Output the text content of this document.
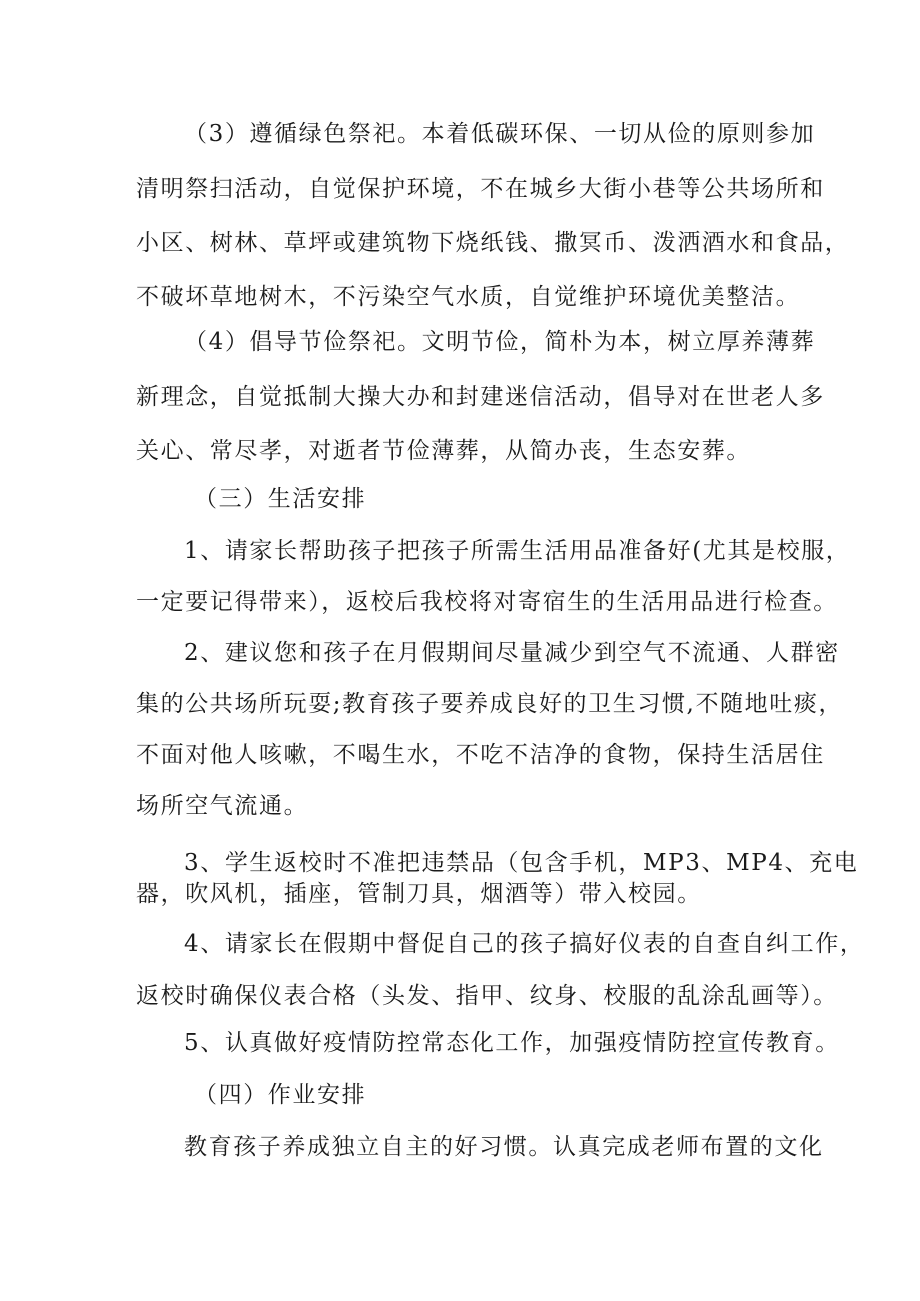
（3）遵循绿色祭祀。本着低碳环保、一切从俭的原则参加
清明祭扫活动，自觉保护环境，不在城乡大街小巷等公共场所和
小区、树林、草坪或建筑物下烧纸钱、撒冥币、泼洒酒水和食品，
不破坏草地树木，不污染空气水质，自觉维护环境优美整洁。
（4）倡导节俭祭祀。文明节俭，简朴为本，树立厚养薄葬
新理念，自觉抵制大操大办和封建迷信活动，倡导对在世老人多
关心、常尽孝，对逝者节俭薄葬，从简办丧，生态安葬。
（三）生活安排
1、请家长帮助孩子把孩子所需生活用品准备好(尤其是校服，
一定要记得带来），返校后我校将对寄宿生的生活用品进行检查。
2、建议您和孩子在月假期间尽量减少到空气不流通、人群密
集的公共场所玩耍;教育孩子要养成良好的卫生习惯,不随地吐痰，
不面对他人咳嗽，不喝生水，不吃不洁净的食物，保持生活居住
场所空气流通。
3、学生返校时不准把违禁品（包含手机，MP3、MP4、充电
器，吹风机，插座，管制刀具，烟酒等）带入校园。
4、请家长在假期中督促自己的孩子搞好仪表的自查自纠工作，
返校时确保仪表合格（头发、指甲、纹身、校服的乱涂乱画等）。
5、认真做好疫情防控常态化工作，加强疫情防控宣传教育。
（四）作业安排
教育孩子养成独立自主的好习惯。认真完成老师布置的文化
